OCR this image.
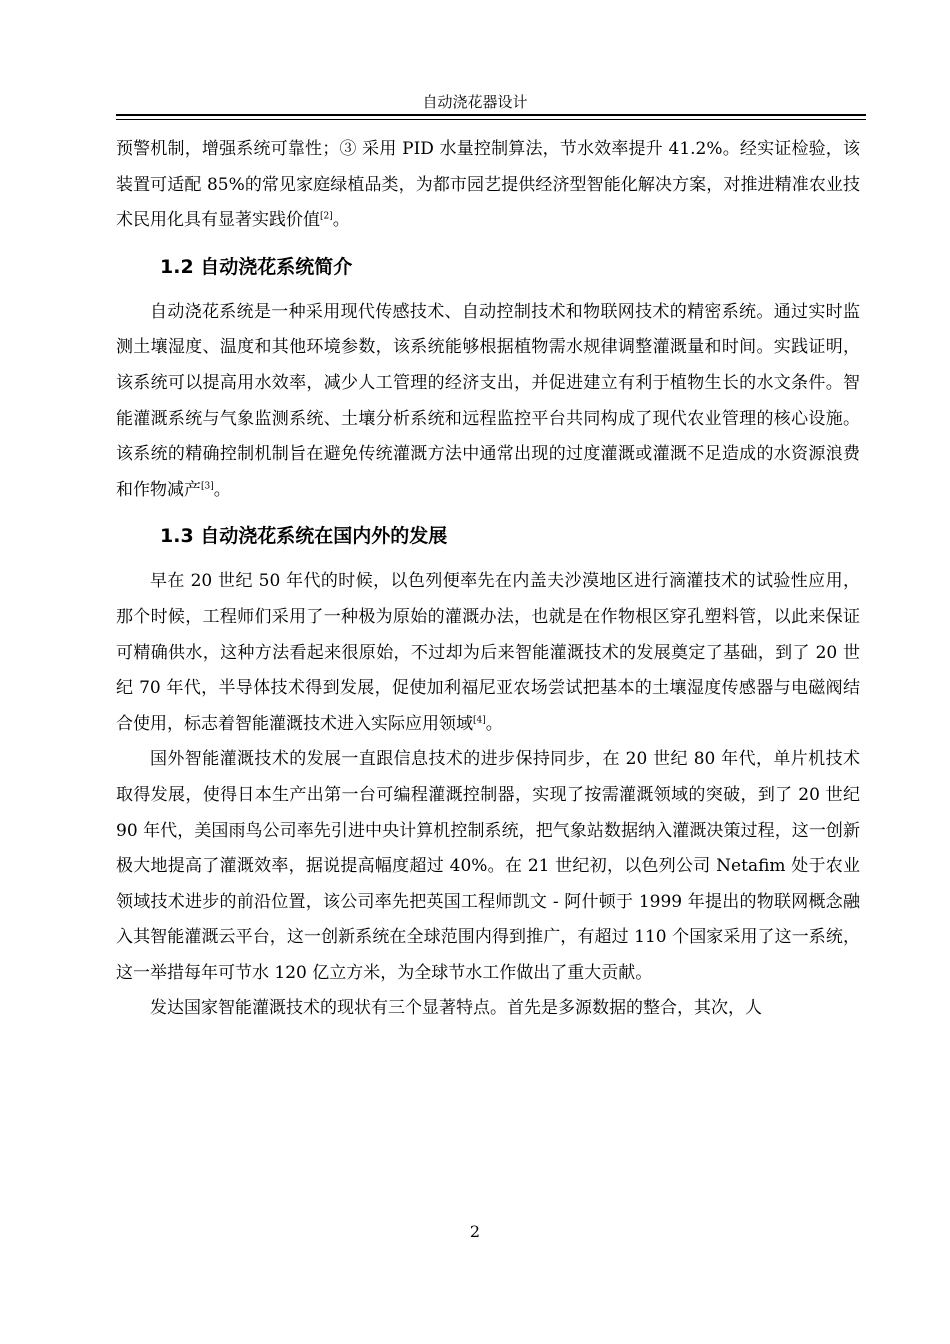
自动浇花器设计

预警机制，增强系统可靠性；③ 采用 PID 水量控制算法，节水效率提升 41.2%。经实证检验，该装置可适配 85%的常见家庭绿植品类，为都市园艺提供经济型智能化解决方案，对推进精准农业技术民用化具有显著实践价值[2]。

1.2 自动浇花系统简介

自动浇花系统是一种采用现代传感技术、自动控制技术和物联网技术的精密系统。通过实时监测土壤湿度、温度和其他环境参数，该系统能够根据植物需水规律调整灌溉量和时间。实践证明，该系统可以提高用水效率，减少人工管理的经济支出，并促进建立有利于植物生长的水文条件。智能灌溉系统与气象监测系统、土壤分析系统和远程监控平台共同构成了现代农业管理的核心设施。该系统的精确控制机制旨在避免传统灌溉方法中通常出现的过度灌溉或灌溉不足造成的水资源浪费和作物减产[3]。

1.3 自动浇花系统在国内外的发展

早在 20 世纪 50 年代的时候，以色列便率先在内盖夫沙漠地区进行滴灌技术的试验性应用，那个时候，工程师们采用了一种极为原始的灌溉办法，也就是在作物根区穿孔塑料管，以此来保证可精确供水，这种方法看起来很原始，不过却为后来智能灌溉技术的发展奠定了基础，到了 20 世纪 70 年代，半导体技术得到发展，促使加利福尼亚农场尝试把基本的土壤湿度传感器与电磁阀结合使用，标志着智能灌溉技术进入实际应用领域[4]。

国外智能灌溉技术的发展一直跟信息技术的进步保持同步，在 20 世纪 80 年代，单片机技术取得发展，使得日本生产出第一台可编程灌溉控制器，实现了按需灌溉领域的突破，到了 20 世纪 90 年代，美国雨鸟公司率先引进中央计算机控制系统，把气象站数据纳入灌溉决策过程，这一创新极大地提高了灌溉效率，据说提高幅度超过 40%。在 21 世纪初，以色列公司 Netafim 处于农业领域技术进步的前沿位置，该公司率先把英国工程师凯文 - 阿什顿于 1999 年提出的物联网概念融入其智能灌溉云平台，这一创新系统在全球范围内得到推广，有超过 110 个国家采用了这一系统，这一举措每年可节水 120 亿立方米，为全球节水工作做出了重大贡献。

发达国家智能灌溉技术的现状有三个显著特点。首先是多源数据的整合，其次，人

2
